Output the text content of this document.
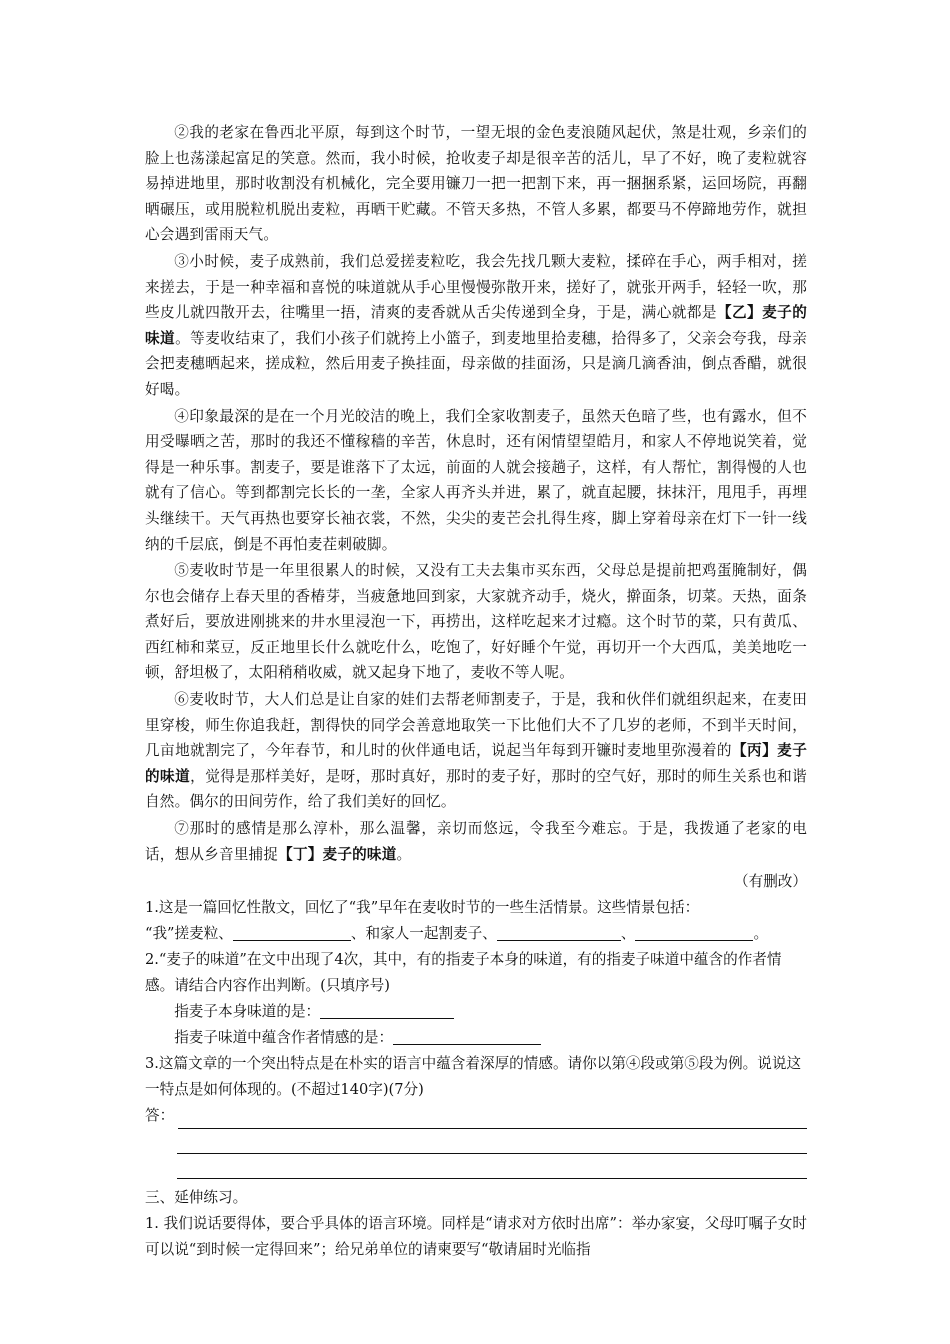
②我的老家在鲁西北平原，每到这个时节，一望无垠的金色麦浪随风起伏，煞是壮观，乡亲们的脸上也荡漾起富足的笑意。然而，我小时候，抢收麦子却是很辛苦的活儿，早了不好，晚了麦粒就容易掉进地里，那时收割没有机械化，完全要用镰刀一把一把割下来，再一捆捆系紧，运回场院，再翻晒碾压，或用脱粒机脱出麦粒，再晒干贮藏。不管天多热，不管人多累，都要马不停蹄地劳作，就担心会遇到雷雨天气。

③小时候，麦子成熟前，我们总爱搓麦粒吃，我会先找几颗大麦粒，揉碎在手心，两手相对，搓来搓去，于是一种幸福和喜悦的味道就从手心里慢慢弥散开来，搓好了，就张开两手，轻轻一吹，那些皮儿就四散开去，往嘴里一捂，清爽的麦香就从舌尖传递到全身，于是，满心就都是【乙】麦子的味道。等麦收结束了，我们小孩子们就挎上小篮子，到麦地里拾麦穗，拾得多了，父亲会夸我，母亲会把麦穗晒起来，搓成粒，然后用麦子换挂面，母亲做的挂面汤，只是滴几滴香油，倒点香醋，就很好喝。

④印象最深的是在一个月光皎洁的晚上，我们全家收割麦子，虽然天色暗了些，也有露水，但不用受曝晒之苦，那时的我还不懂稼穑的辛苦，休息时，还有闲情望望皓月，和家人不停地说笑着，觉得是一种乐事。割麦子，要是谁落下了太远，前面的人就会接趟子，这样，有人帮忙，割得慢的人也就有了信心。等到都割完长长的一垄，全家人再齐头并进，累了，就直起腰，抹抹汗，甩甩手，再埋头继续干。天气再热也要穿长袖衣裳，不然，尖尖的麦芒会扎得生疼，脚上穿着母亲在灯下一针一线纳的千层底，倒是不再怕麦茬刺破脚。

⑤麦收时节是一年里很累人的时候，又没有工夫去集市买东西，父母总是提前把鸡蛋腌制好，偶尔也会储存上春天里的香椿芽，当疲惫地回到家，大家就齐动手，烧火，擀面条，切菜。天热，面条煮好后，要放进刚挑来的井水里浸泡一下，再捞出，这样吃起来才过瘾。这个时节的菜，只有黄瓜、西红柿和菜豆，反正地里长什么就吃什么，吃饱了，好好睡个午觉，再切开一个大西瓜，美美地吃一顿，舒坦极了，太阳稍稍收威，就又起身下地了，麦收不等人呢。

⑥麦收时节，大人们总是让自家的娃们去帮老师割麦子，于是，我和伙伴们就组织起来，在麦田里穿梭，师生你追我赶，割得快的同学会善意地取笑一下比他们大不了几岁的老师，不到半天时间，几亩地就割完了，今年春节，和儿时的伙伴通电话，说起当年每到开镰时麦地里弥漫着的【丙】麦子的味道，觉得是那样美好，是呀，那时真好，那时的麦子好，那时的空气好，那时的师生关系也和谐自然。偶尔的田间劳作，给了我们美好的回忆。

⑦那时的感情是那么淳朴，那么温馨，亲切而悠远，令我至今难忘。于是，我拨通了老家的电话，想从乡音里捕捉【丁】麦子的味道。

（有删改）

1.这是一篇回忆性散文，回忆了“我”早年在麦收时节的一些生活情景。这些情景包括：

“我”搓麦粒、	、和家人一起割麦子、	、	。

2.“麦子的味道”在文中出现了4次，其中，有的指麦子本身的味道，有的指麦子味道中蕴含的作者情感。请结合内容作出判断。(只填序号)

指麦子本身味道的是：

指麦子味道中蕴含作者情感的是：

3.这篇文章的一个突出特点是在朴实的语言中蕴含着深厚的情感。请你以第④段或第⑤段为例。说说这一特点是如何体现的。(不超过140字)(7分)

答：

三、延伸练习。

1. 我们说话要得体，要合乎具体的语言环境。同样是“请求对方依时出席”：举办家宴，父母叮嘱子女时可以说“到时候一定得回来”；给兄弟单位的请柬要写“敬请届时光临指
